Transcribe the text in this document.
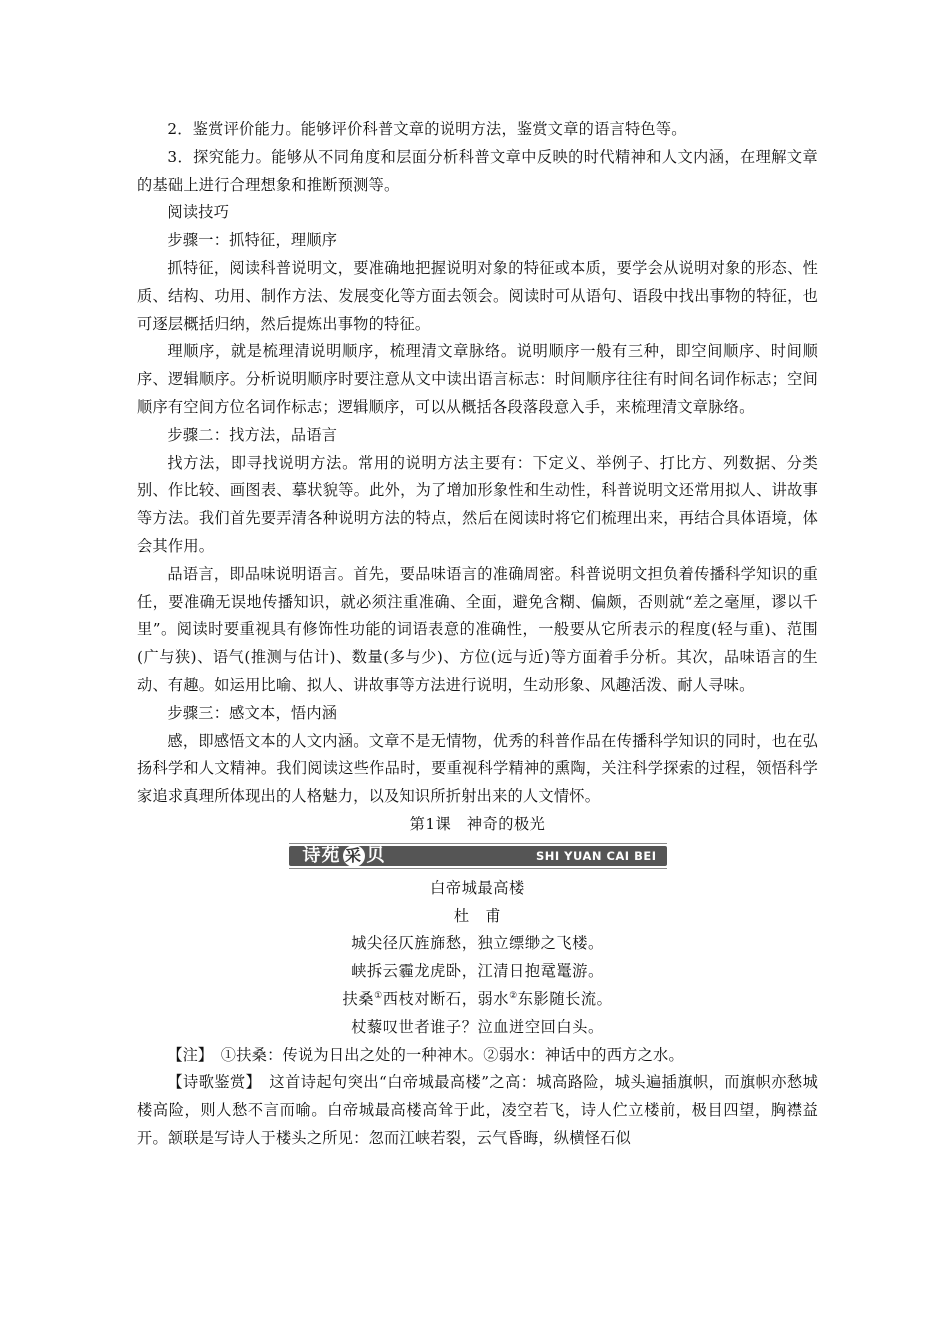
2．鉴赏评价能力。能够评价科普文章的说明方法，鉴赏文章的语言特色等。

3．探究能力。能够从不同角度和层面分析科普文章中反映的时代精神和人文内涵，在理解文章的基础上进行合理想象和推断预测等。

阅读技巧

步骤一：抓特征，理顺序

抓特征，阅读科普说明文，要准确地把握说明对象的特征或本质，要学会从说明对象的形态、性质、结构、功用、制作方法、发展变化等方面去领会。阅读时可从语句、语段中找出事物的特征，也可逐层概括归纳，然后提炼出事物的特征。

理顺序，就是梳理清说明顺序，梳理清文章脉络。说明顺序一般有三种，即空间顺序、时间顺序、逻辑顺序。分析说明顺序时要注意从文中读出语言标志：时间顺序往往有时间名词作标志；空间顺序有空间方位名词作标志；逻辑顺序，可以从概括各段落段意入手，来梳理清文章脉络。

步骤二：找方法，品语言

找方法，即寻找说明方法。常用的说明方法主要有：下定义、举例子、打比方、列数据、分类别、作比较、画图表、摹状貌等。此外，为了增加形象性和生动性，科普说明文还常用拟人、讲故事等方法。我们首先要弄清各种说明方法的特点，然后在阅读时将它们梳理出来，再结合具体语境，体会其作用。

品语言，即品味说明语言。首先，要品味语言的准确周密。科普说明文担负着传播科学知识的重任，要准确无误地传播知识，就必须注重准确、全面，避免含糊、偏颇，否则就“差之毫厘，谬以千里”。阅读时要重视具有修饰性功能的词语表意的准确性，一般要从它所表示的程度(轻与重)、范围(广与狭)、语气(推测与估计)、数量(多与少)、方位(远与近)等方面着手分析。其次，品味语言的生动、有趣。如运用比喻、拟人、讲故事等方法进行说明，生动形象、风趣活泼、耐人寻味。

步骤三：感文本，悟内涵

感，即感悟文本的人文内涵。文章不是无情物，优秀的科普作品在传播科学知识的同时，也在弘扬科学和人文精神。我们阅读这些作品时，要重视科学精神的熏陶，关注科学探索的过程，领悟科学家追求真理所体现出的人格魅力，以及知识所折射出来的人文情怀。

第1课　神奇的极光

诗苑 采 贝	SHI YUAN CAI BEI

白帝城最高楼

杜　甫

城尖径仄旌旆愁，独立缥缈之飞楼。

峡拆云霾龙虎卧，江清日抱鼋鼍游。

扶桑①西枝对断石，弱水②东影随长流。

杖藜叹世者谁子？泣血迸空回白头。

【注】　 ①扶桑：传说为日出之处的一种神木。②弱水：神话中的西方之水。

【诗歌鉴赏】　 这首诗起句突出“白帝城最高楼”之高：城高路险，城头遍插旗帜，而旗帜亦愁城楼高险，则人愁不言而喻。白帝城最高楼高耸于此，凌空若飞，诗人伫立楼前，极目四望，胸襟益开。颔联是写诗人于楼头之所见：忽而江峡若裂，云气昏晦，纵横怪石似
